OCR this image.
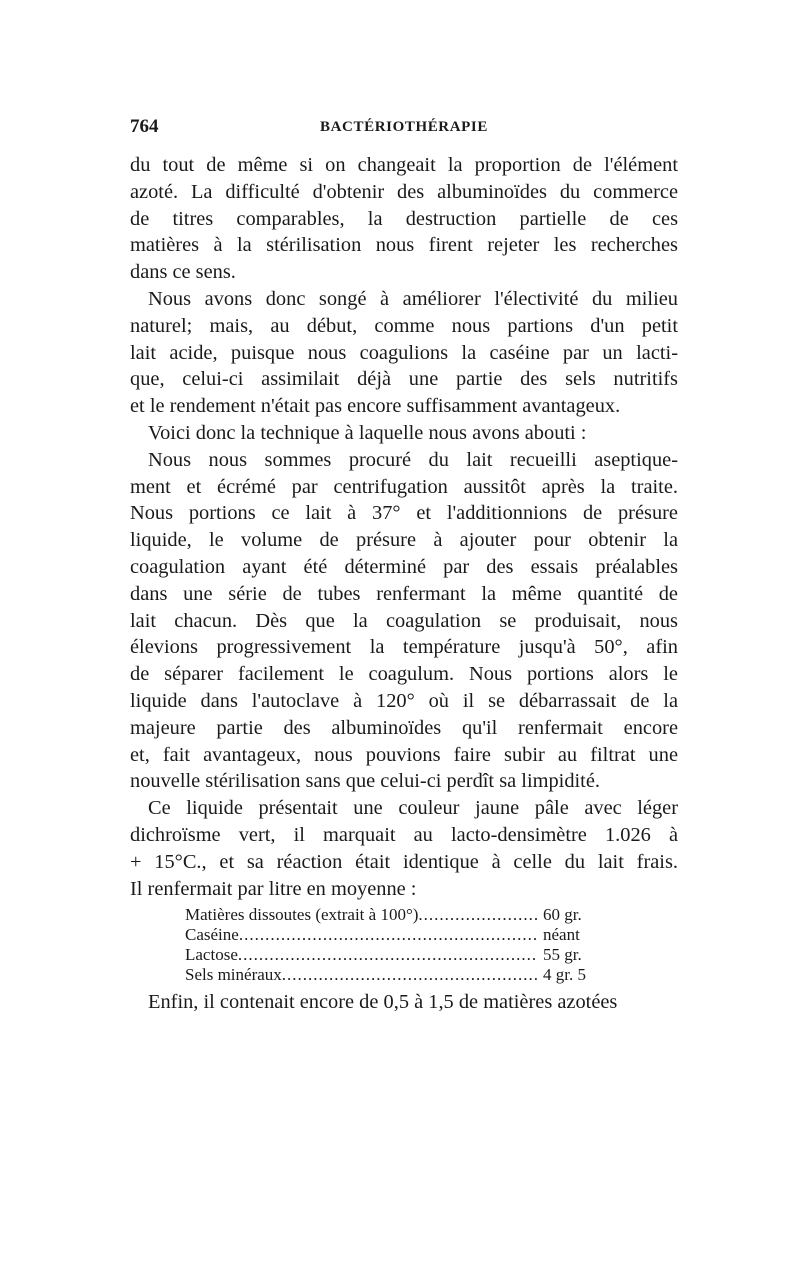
764	BACTÉRIOTHÉRAPIE
du tout de même si on changeait la proportion de l'élément
azoté. La difficulté d'obtenir des albuminoïdes du commerce
de titres comparables, la destruction partielle de ces
matières à la stérilisation nous firent rejeter les recherches
dans ce sens.
Nous avons donc songé à améliorer l'électivité du milieu
naturel; mais, au début, comme nous partions d'un petit
lait acide, puisque nous coagulions la caséine par un lacti-
que, celui-ci assimilait déjà une partie des sels nutritifs
et le rendement n'était pas encore suffisamment avantageux.
Voici donc la technique à laquelle nous avons abouti :
Nous nous sommes procuré du lait recueilli aseptique-
ment et écrémé par centrifugation aussitôt après la traite.
Nous portions ce lait à 37° et l'additionnions de présure
liquide, le volume de présure à ajouter pour obtenir la
coagulation ayant été déterminé par des essais préalables
dans une série de tubes renfermant la même quantité de
lait chacun. Dès que la coagulation se produisait, nous
élevions progressivement la température jusqu'à 50°, afin
de séparer facilement le coagulum. Nous portions alors le
liquide dans l'autoclave à 120° où il se débarrassait de la
majeure partie des albuminoïdes qu'il renfermait encore
et, fait avantageux, nous pouvions faire subir au filtrat une
nouvelle stérilisation sans que celui-ci perdît sa limpidité.
Ce liquide présentait une couleur jaune pâle avec léger
dichroïsme vert, il marquait au lacto-densimètre 1.026 à
+ 15°C., et sa réaction était identique à celle du lait frais.
Il renfermait par litre en moyenne :
Matières dissoutes (extrait à 100°) .....	60 gr.
Caséine .....	néant
Lactose .....	55 gr.
Sels minéraux .....	4 gr. 5
Enfin, il contenait encore de 0,5 à 1,5 de matières azotées
